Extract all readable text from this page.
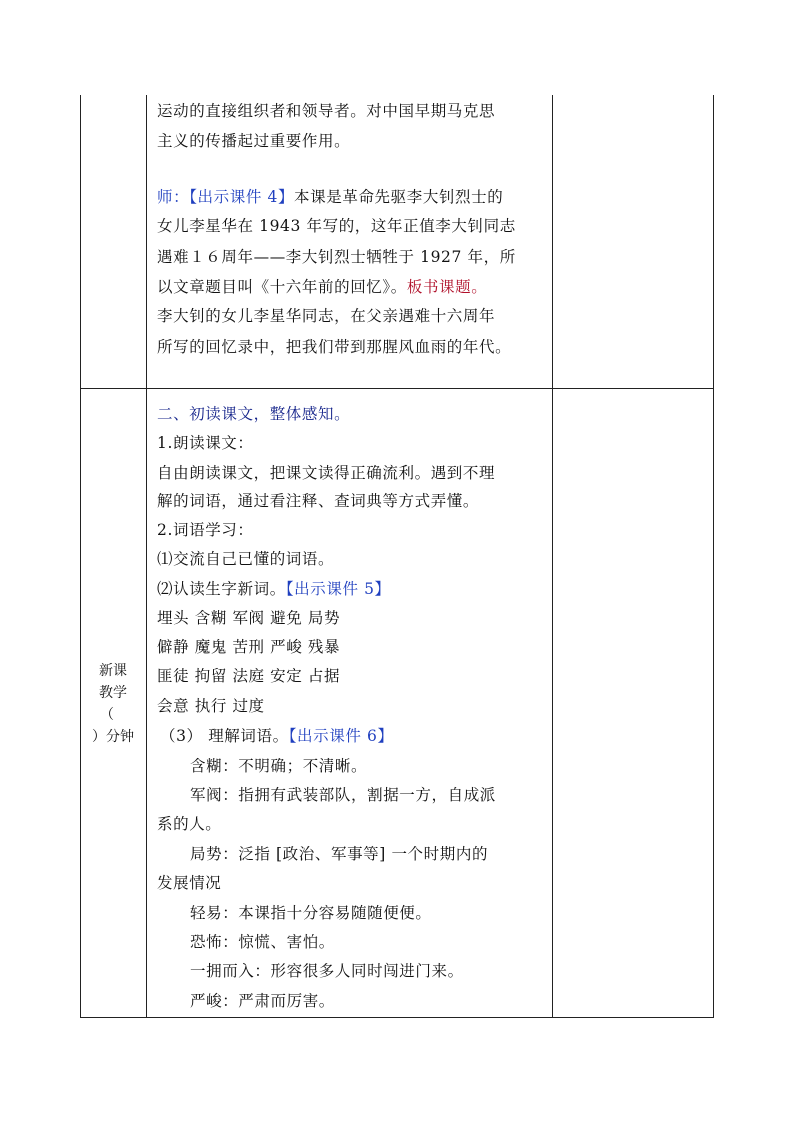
运动的直接组织者和领导者。对中国早期马克思
主义的传播起过重要作用。
师：【出示课件 4】本课是革命先驱李大钊烈士的
女儿李星华在 1943 年写的，这年正值李大钊同志
遇难１６周年——李大钊烈士牺牲于 1927 年，所
以文章题目叫《十六年前的回忆》。板书课题。
李大钊的女儿李星华同志，在父亲遇难十六周年
所写的回忆录中，把我们带到那腥风血雨的年代。
新课
教学
（
）分钟
二、初读课文，整体感知。
1.朗读课文：
自由朗读课文，把课文读得正确流利。遇到不理
解的词语，通过看注释、查词典等方式弄懂。
2.词语学习：
⑴交流自己已懂的词语。
⑵认读生字新词。【出示课件 5】
埋头 含糊 军阀 避免 局势
僻静 魔鬼 苦刑 严峻 残暴
匪徒 拘留 法庭 安定 占据
会意 执行 过度
（3） 理解词语。【出示课件 6】
含糊：不明确；不清晰。
军阀：指拥有武装部队，割据一方，自成派
系的人。
局势：泛指 [政治、军事等] 一个时期内的
发展情况
轻易：本课指十分容易随随便便。
恐怖：惊慌、害怕。
一拥而入：形容很多人同时闯进门来。
严峻：严肃而厉害。
